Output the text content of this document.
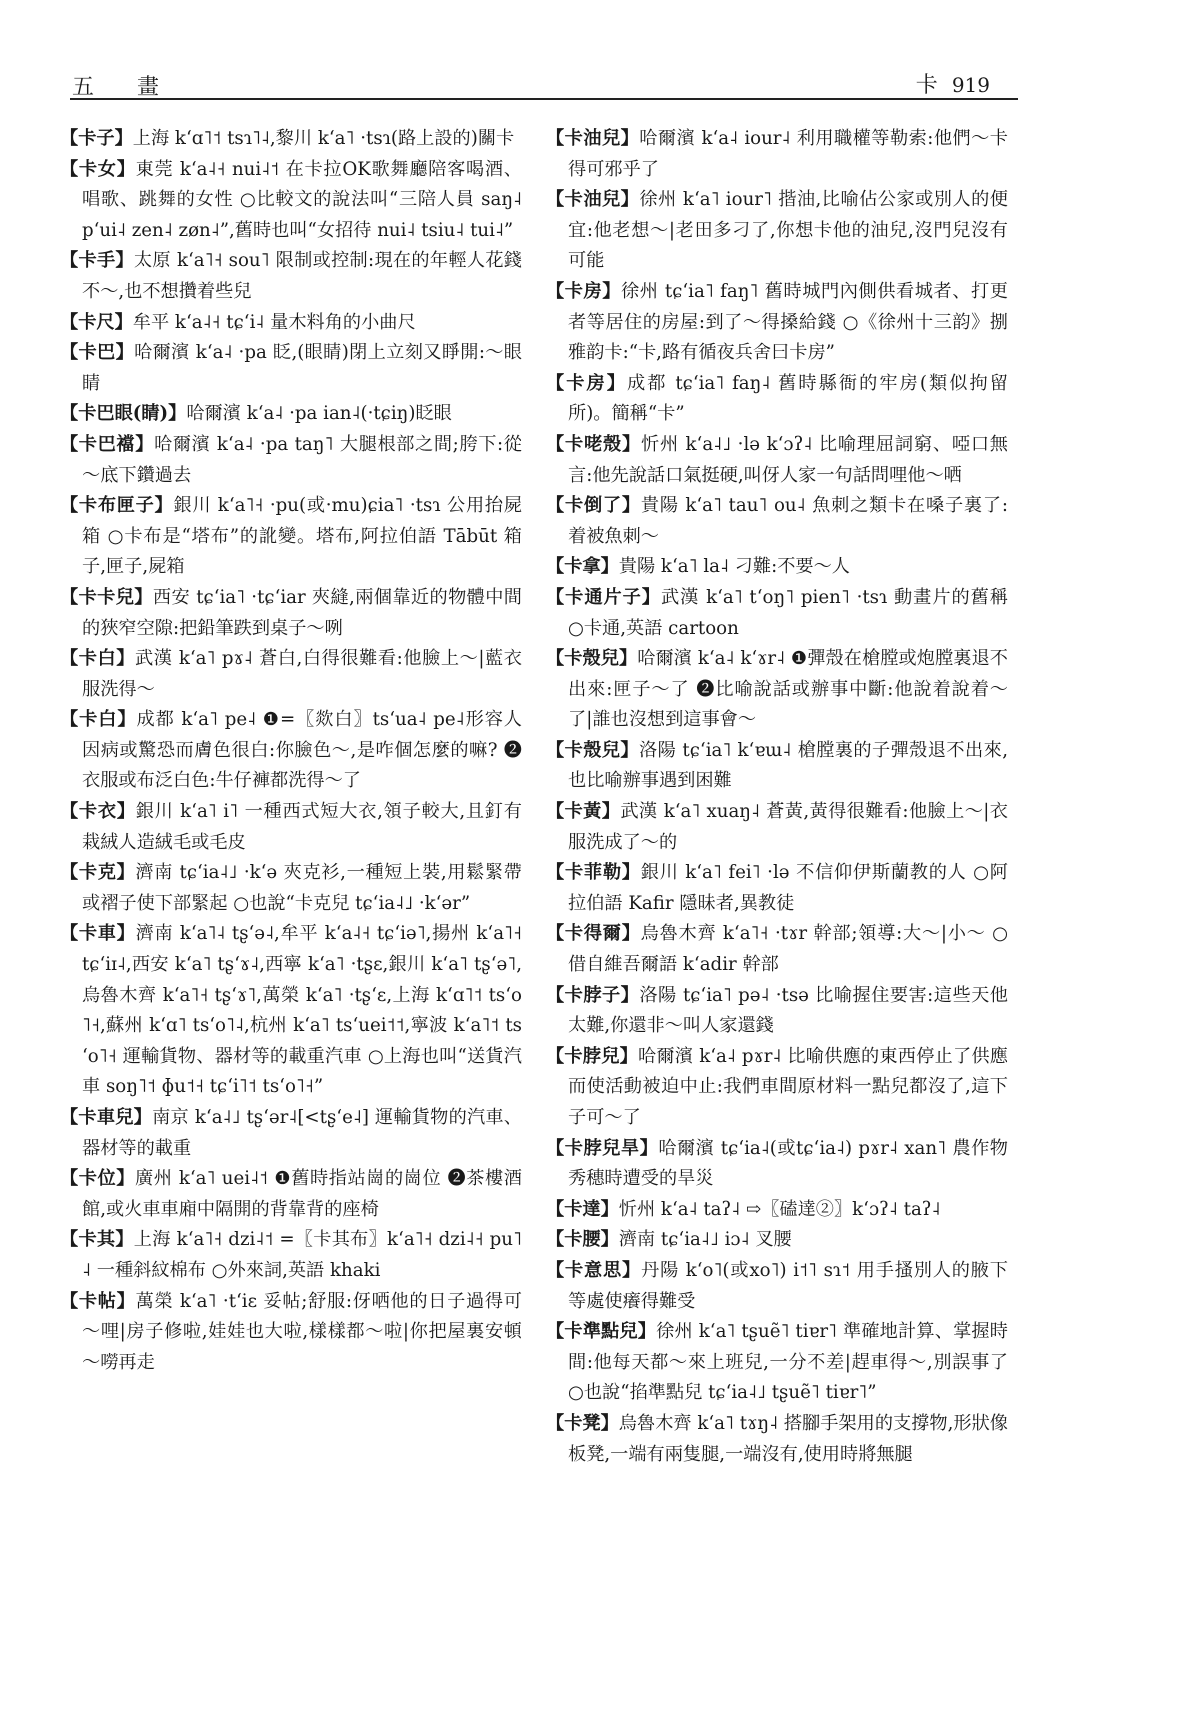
五 畫	卡 919

【卡子】上海 kʻɑ˥˦ tsɿ˥˨,黎川 kʻa˥ ·tsɿ(路上設的)關卡

【卡女】東莞 kʻa˨˧ nui˨˦ 在卡拉OK歌舞廳陪客喝酒、唱歌、跳舞的女性 ○比較文的說法叫“三陪人員 saŋ˨ pʻui˨ zen˨ zøn˨”,舊時也叫“女招待 nui˨ tsiu˨ tui˨”

【卡手】太原 kʻa˥˧ sou˥ 限制或控制:現在的年輕人花錢不～,也不想攢着些兒

【卡尺】牟平 kʻa˨˧ tɕʻi˨ 量木料角的小曲尺

【卡巴】哈爾濱 kʻa˨ ·pa 眨,(眼睛)閉上立刻又睜開:～眼睛

【卡巴眼(睛)】哈爾濱 kʻa˨ ·pa ian˨(·tɕiŋ)眨眼

【卡巴襠】哈爾濱 kʻa˨ ·pa taŋ˥ 大腿根部之間;胯下:從～底下鑽過去

【卡布匣子】銀川 kʻa˥˧ ·pu(或·mu)ɕia˥ ·tsɿ 公用抬屍箱 ○卡布是“塔布”的訛變。塔布,阿拉伯語 Tābūt 箱子,匣子,屍箱

【卡卡兒】西安 tɕʻia˥ ·tɕʻiar 夾縫,兩個靠近的物體中間的狹窄空隙:把鉛筆跌到桌子～咧

【卡白】武漢 kʻa˥ pɤ˨ 蒼白,白得很難看:他臉上～|藍衣服洗得～

【卡白】成都 kʻa˥ pe˨ ❶=〖欻白〗tsʻua˨ pe˨形容人因病或驚恐而膚色很白:你臉色～,是咋個怎麼的嘛? ❷衣服或布泛白色:牛仔褲都洗得～了

【卡衣】銀川 kʻa˥ i˥ 一種西式短大衣,領子較大,且釘有栽絨人造絨毛或毛皮

【卡克】濟南 tɕʻia˨˩ ·kʻə 夾克衫,一種短上裝,用鬆緊帶或褶子使下部緊起 ○也說“卡克兒 tɕʻia˨˩ ·kʻər”

【卡車】濟南 kʻa˥˨ tʂʻə˨,牟平 kʻa˨˧ tɕʻiə˥,揚州 kʻa˥˧ tɕʻiɪ˨,西安 kʻa˥ tʂʻɤ˨,西寧 kʻa˥ ·tʂɛ,銀川 kʻa˥ tʂʻə˥,烏魯木齊 kʻa˥˧ tʂʻɤ˥,萬榮 kʻa˥ ·tʂʻɛ,上海 kʻɑ˥˦ tsʻo˥˧,蘇州 kʻɑ˥ tsʻo˥˨,杭州 kʻa˥ tsʻuei˦˦,寧波 kʻa˥˦ tsʻo˥˧ 運輸貨物、器材等的載重汽車 ○上海也叫“送貨汽車 soŋ˥˦ ɸu˦˧ tɕʻi˥˦ tsʻo˥˧”

【卡車兒】南京 kʻa˨˩ tʂʻər˨[<tʂʻe˨] 運輸貨物的汽車、器材等的載重

【卡位】廣州 kʻa˥ uei˨˦ ❶舊時指站崗的崗位 ❷茶樓酒館,或火車車廂中隔開的背靠背的座椅

【卡其】上海 kʻa˥˧ dzi˨˦ =〖卡其布〗kʻa˥˧ dzi˨˧ pu˥˨ 一種斜紋棉布 ○外來詞,英語 khaki

【卡帖】萬榮 kʻa˥ ·tʻiɛ 妥帖;舒服:伢哂他的日子過得可～哩|房子修啦,娃娃也大啦,樣樣都～啦|你把屋裏安頓～嘮再走

【卡油兒】哈爾濱 kʻa˨ iour˨ 利用職權等勒索:他們～卡得可邪乎了

【卡油兒】徐州 kʻa˥ iour˥ 揩油,比喻佔公家或別人的便宜:他老想～|老田多刁了,你想卡他的油兒,沒門兒沒有可能

【卡房】徐州 tɕʻia˥ faŋ˥ 舊時城門內側供看城者、打更者等居住的房屋:到了～得搡給錢 ○《徐州十三韵》捌雅韵卡:“卡,路有循夜兵舍曰卡房”

【卡房】成都 tɕʻia˥ faŋ˨ 舊時縣衙的牢房(類似拘留所)。簡稱“卡”

【卡咾殼】忻州 kʻa˨˩ ·lə kʻɔʔ˨ 比喻理屈詞窮、啞口無言:他先說話口氣挺硬,叫伢人家一句話問哩他～哂

【卡倒了】貴陽 kʻa˥ tau˥ ou˨ 魚刺之類卡在嗓子裏了:着被魚刺～

【卡拿】貴陽 kʻa˥ la˨ 刁難:不要～人

【卡通片子】武漢 kʻa˥ tʻoŋ˥ pien˥ ·tsɿ 動畫片的舊稱 ○卡通,英語 cartoon

【卡殼兒】哈爾濱 kʻa˨ kʻɤr˨ ❶彈殼在槍膛或炮膛裏退不出來:匣子～了 ❷比喻說話或辦事中斷:他說着說着～了|誰也沒想到這事會～

【卡殼兒】洛陽 tɕʻia˥ kʻɐɯ˨ 槍膛裏的子彈殼退不出來,也比喻辦事遇到困難

【卡黃】武漢 kʻa˥ xuaŋ˨ 蒼黃,黃得很難看:他臉上～|衣服洗成了～的

【卡菲勒】銀川 kʻa˥ fei˥ ·lə 不信仰伊斯蘭教的人 ○阿拉伯語 Kafir 隱昧者,異教徒

【卡得爾】烏魯木齊 kʻa˥˧ ·tɤr 幹部;領導:大～|小～ ○借自維吾爾語 kʻadir 幹部

【卡脖子】洛陽 tɕʻia˥ pə˨ ·tsə 比喻握住要害:這些天他太難,你還非～叫人家還錢

【卡脖兒】哈爾濱 kʻa˨ pɤr˨ 比喻供應的東西停止了供應而使活動被迫中止:我們車間原材料一點兒都沒了,這下子可～了

【卡脖兒旱】哈爾濱 tɕʻia˨(或tɕʻia˨) pɤr˨ xan˥ 農作物秀穗時遭受的旱災

【卡達】忻州 kʻa˨ taʔ˨ ⇨〖磕達②〗kʻɔʔ˨ taʔ˨

【卡腰】濟南 tɕʻia˨˩ iɔ˨ 叉腰

【卡意思】丹陽 kʻo˥(或xo˥) i˦˥ sɿ˦ 用手搔別人的腋下等處使癢得難受

【卡準點兒】徐州 kʻa˥ tʂuẽ˥ tiɐr˥ 準確地計算、掌握時間:他每天都～來上班兒,一分不差|趕車得～,別誤事了 ○也說“掐準點兒 tɕʻia˨˩ tʂuẽ˥ tiɐr˥”

【卡凳】烏魯木齊 kʻa˥ tɤŋ˨ 搭腳手架用的支撐物,形狀像板凳,一端有兩隻腿,一端沒有,使用時將無腿
